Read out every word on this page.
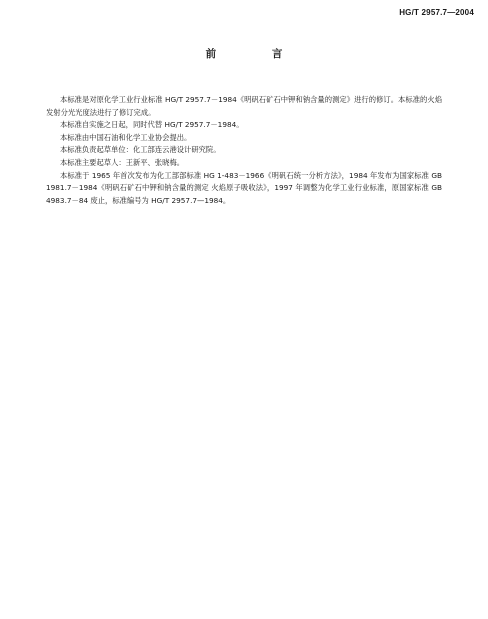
HG/T 2957.7—2004
前 言

本标准是对原化学工业行业标准 HG/T 2957.7－1984《明矾石矿石中钾和钠含量的测定》进行的修订。本标准的火焰发射分光光度法进行了修订完成。

本标准自实施之日起，同时代替 HG/T 2957.7－1984。

本标准由中国石油和化学工业协会提出。

本标准负责起草单位：化工部连云港设计研究院。

本标准主要起草人：王新平、张晓梅。

本标准于 1965 年首次发布为化工部部标准 HG 1-483－1966《明矾石统一分析方法》，1984 年发布为国家标准 GB 1981.7－1984《明矾石矿石中钾和钠含量的测定 火焰原子吸收法》，1997 年调整为化学工业行业标准，原国家标准 GB 4983.7－84 废止，标准编号为 HG/T 2957.7—1984。
